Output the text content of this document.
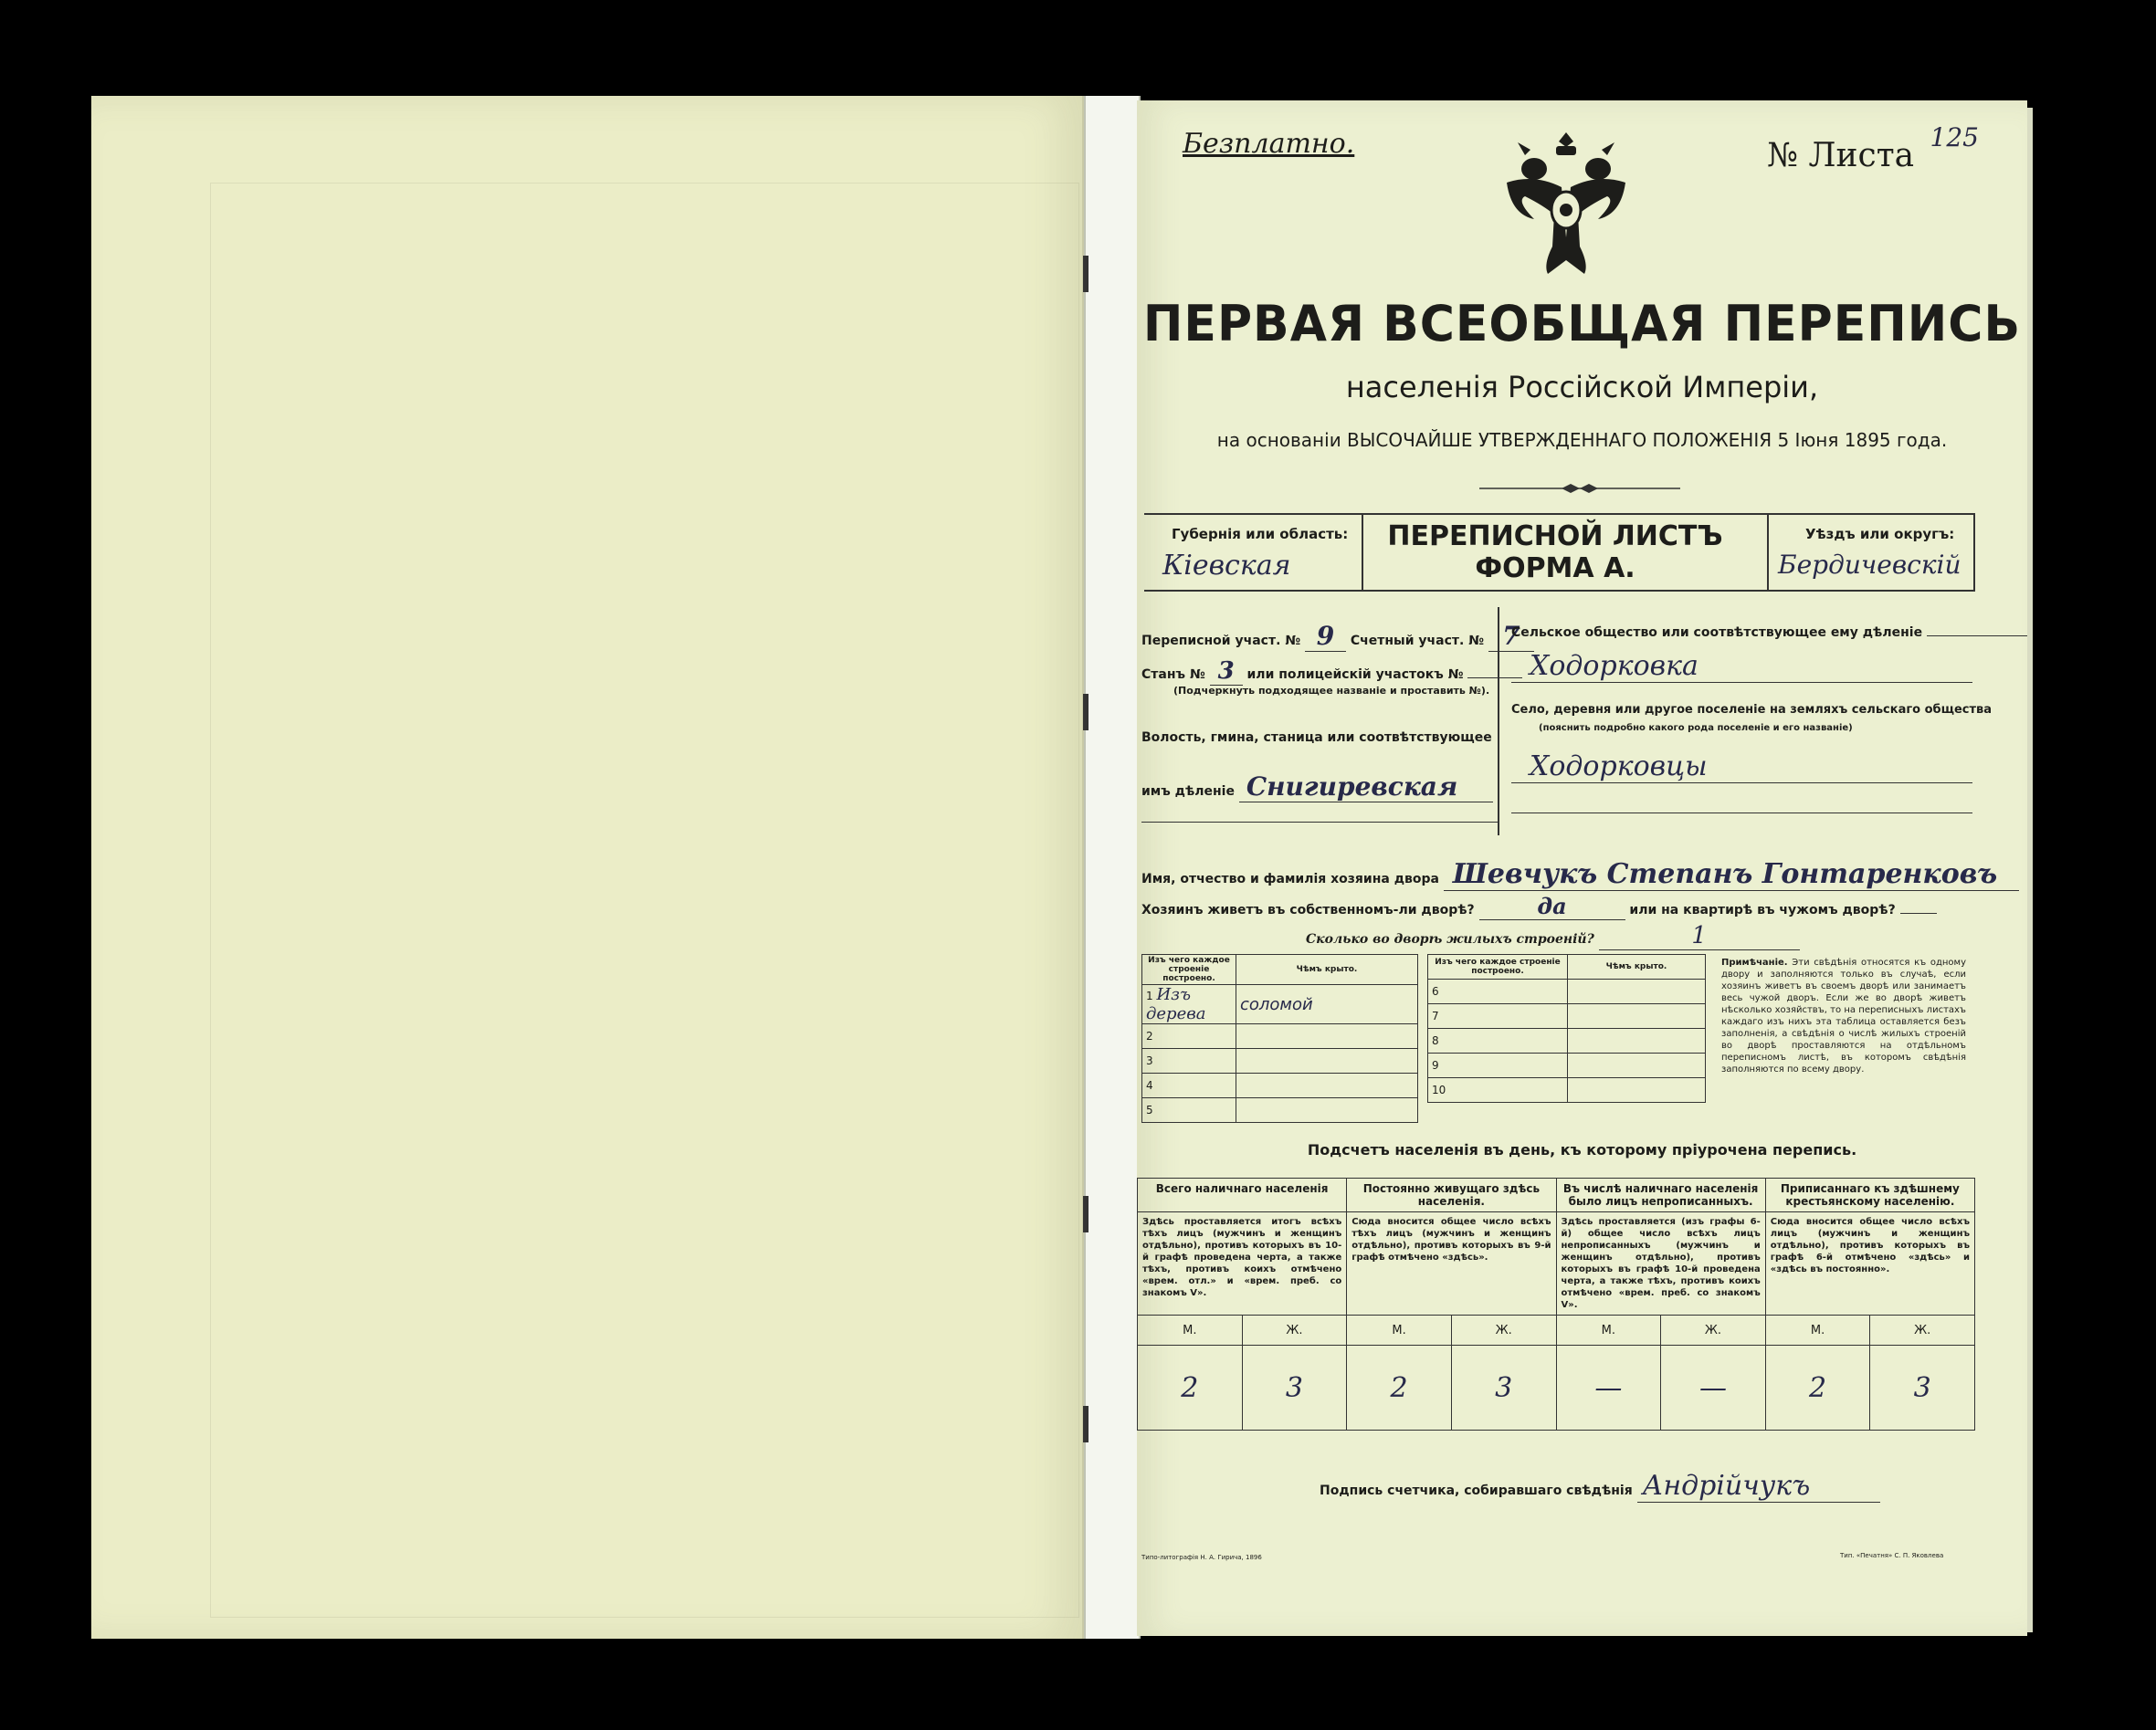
Безплатно.	№ Листа $^{125}$
ПЕРВАЯ ВСЕОБЩАЯ ПЕРЕПИСЬ
населенія Россійской Имперіи,
на основаніи ВЫСОЧАЙШЕ УТВЕРЖДЕННАГО ПОЛОЖЕНІЯ 5 Іюня 1895 года.
Губернія или область:
Кіевская
ПЕРЕПИСНОЙ ЛИСТЪ
ФОРМА А.
Уѣздъ или округъ:
Бердичевскій
Переписной участ. № 9 Счетный участ. № 7
Станъ № 3 или полицейскій участокъ №
(Подчеркнуть подходящее названіе и проставить №).
Волость, гмина, станица или соотвѣтствующее
имъ дѣленіе Снигиревская
Сельское общество или соотвѣтствующее ему дѣленіе
Ходорковка
Село, деревня или другое поселеніе на земляхъ сельскаго общества
(пояснить подробно какого рода поселеніе и его названіе)
Ходорковцы
Имя, отчество и фамилія хозяина двора Шевчукъ Степанъ Гонтаренковъ
Хозяинъ живетъ въ собственномъ-ли дворѣ?	да	или на квартирѣ въ чужомъ дворѣ?
Сколько во дворѣ жилыхъ строеній?	1
Изъ чего каждое строеніе построено.	Чѣмъ крыто.
1 Изъ дерева	соломой
2	
3	
4	
5	
Изъ чего каждое строеніе построено.	Чѣмъ крыто.
6	
7	
8	
9	
10	
Примѣчаніе. Эти свѣдѣнія относятся къ одному двору и заполняются только въ случаѣ, если хозяинъ живетъ въ своемъ дворѣ или занимаетъ весь чужой дворъ. Если же во дворѣ живетъ нѣсколько хозяйствъ, то на переписныхъ листахъ каждаго изъ нихъ эта таблица оставляется безъ заполненія, а свѣдѣнія о числѣ жилыхъ строеній во дворѣ проставляются на отдѣльномъ переписномъ листѣ, въ которомъ свѣдѣнія заполняются по всему двору.
Подсчетъ населенія въ день, къ которому пріурочена перепись.
Всего наличнаго населенія		Постоянно живущаго здѣсь населенія.		Въ числѣ наличнаго населенія было лицъ непрописанныхъ.		Приписаннаго къ здѣшнему крестьянскому населенію.	
Здѣсь проставляется итогъ всѣхъ тѣхъ лицъ (мужчинъ и женщинъ отдѣльно), противъ которыхъ въ 10-й графѣ проведена черта, а также тѣхъ, противъ коихъ отмѣчено «врем. отл.» и «врем. преб. со знакомъ V».		Сюда вносится общее число всѣхъ тѣхъ лицъ (мужчинъ и женщинъ отдѣльно), противъ которыхъ въ 9-й графѣ отмѣчено «здѣсь».		Здѣсь проставляется (изъ графы 6-й) общее число всѣхъ лицъ непрописанныхъ (мужчинъ и женщинъ отдѣльно), противъ которыхъ въ графѣ 10-й проведена черта, а также тѣхъ, противъ коихъ отмѣчено «врем. преб. со знакомъ V».		Сюда вносится общее число всѣхъ лицъ (мужчинъ и женщинъ отдѣльно), противъ которыхъ въ графѣ 6-й отмѣчено «здѣсь» и «здѣсь въ постоянно».	
М.	Ж.	М.	Ж.	М.	Ж.	М.	Ж.
2	3	2	3	—	—	2	3
Подпись счетчика, собиравшаго свѣдѣнія Андрійчукъ
Типо-литографія Н. А. Гирича, 1896	Тип. «Печатня» С. П. Яковлева
